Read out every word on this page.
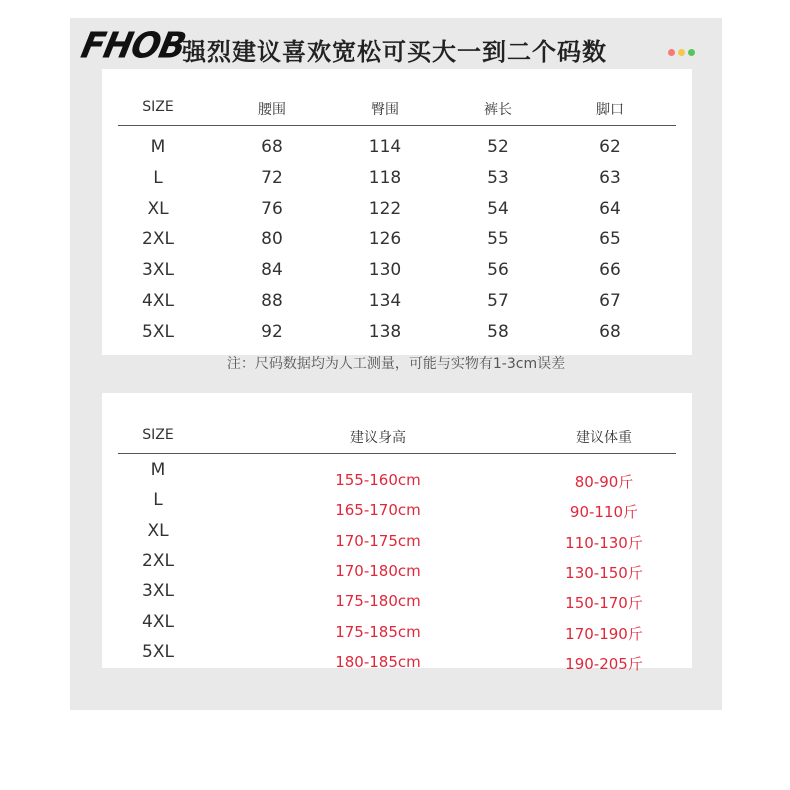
FHOB
强烈建议喜欢宽松可买大一到二个码数
SIZE	腰围	臀围	裤长	脚口
M	68	114	52	62
L	72	118	53	63
XL	76	122	54	64
2XL	80	126	55	65
3XL	84	130	56	66
4XL	88	134	57	67
5XL	92	138	58	68
注：尺码数据均为人工测量，可能与实物有1-3cm误差
SIZE	建议身高	建议体重
M	155-160cm	80-90斤
L	165-170cm	90-110斤
XL	170-175cm	110-130斤
2XL	170-180cm	130-150斤
3XL	175-180cm	150-170斤
4XL	175-185cm	170-190斤
5XL	180-185cm	190-205斤
